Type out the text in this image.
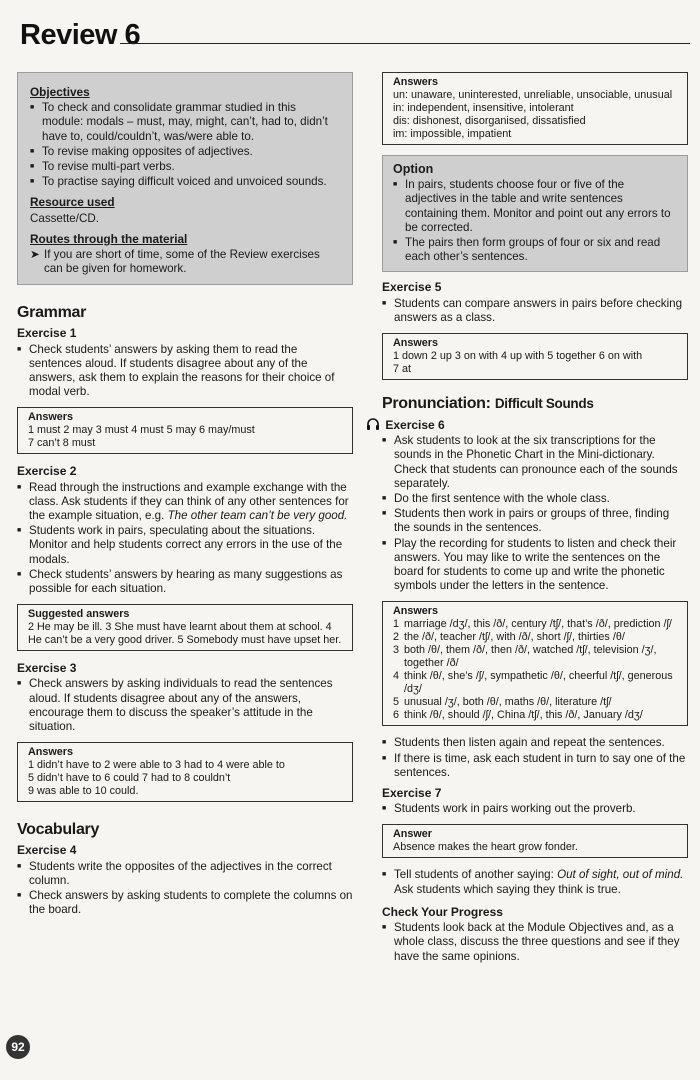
Review 6
Objectives
■ To check and consolidate grammar studied in this module: modals – must, may, might, can’t, had to, didn’t have to, could/couldn’t, was/were able to.
■ To revise making opposites of adjectives.
■ To revise multi-part verbs.
■ To practise saying difficult voiced and unvoiced sounds.
Resource used
Cassette/CD.
Routes through the material
➤ If you are short of time, some of the Review exercises can be given for homework.
Grammar
Exercise 1
■ Check students’ answers by asking them to read the sentences aloud. If students disagree about any of the answers, ask them to explain the reasons for their choice of modal verb.
Answers
1 must 2 may 3 must 4 must 5 may 6 may/must
7 can’t 8 must
Exercise 2
■ Read through the instructions and example exchange with the class. Ask students if they can think of any other sentences for the example situation, e.g. The other team can’t be very good.
■ Students work in pairs, speculating about the situations. Monitor and help students correct any errors in the use of the modals.
■ Check students’ answers by hearing as many suggestions as possible for each situation.
Suggested answers
2 He may be ill. 3 She must have learnt about them at school. 4 He can’t be a very good driver. 5 Somebody must have upset her.
Exercise 3
■ Check answers by asking individuals to read the sentences aloud. If students disagree about any of the answers, encourage them to discuss the speaker’s attitude in the situation.
Answers
1 didn’t have to 2 were able to 3 had to 4 were able to
5 didn’t have to 6 could 7 had to 8 couldn’t
9 was able to 10 could.
Vocabulary
Exercise 4
■ Students write the opposites of the adjectives in the correct column.
■ Check answers by asking students to complete the columns on the board.
Answers
un: unaware, uninterested, unreliable, unsociable, unusual
in: independent, insensitive, intolerant
dis: dishonest, disorganised, dissatisfied
im: impossible, impatient
Option
■ In pairs, students choose four or five of the adjectives in the table and write sentences containing them. Monitor and point out any errors to be corrected.
■ The pairs then form groups of four or six and read each other’s sentences.
Exercise 5
■ Students can compare answers in pairs before checking answers as a class.
Answers
1 down 2 up 3 on with 4 up with 5 together 6 on with
7 at
Pronunciation: Difficult Sounds
Exercise 6
■ Ask students to look at the six transcriptions for the sounds in the Phonetic Chart in the Mini-dictionary. Check that students can pronounce each of the sounds separately.
■ Do the first sentence with the whole class.
■ Students then work in pairs or groups of three, finding the sounds in the sentences.
■ Play the recording for students to listen and check their answers. You may like to write the sentences on the board for students to come up and write the phonetic symbols under the letters in the sentence.
Answers
1 marriage /dʒ/, this /ð/, century /tʃ/, that’s /ð/, prediction /ʃ/
2 the /ð/, teacher /tʃ/, with /ð/, short /ʃ/, thirties /θ/
3 both /θ/, them /ð/, then /ð/, watched /tʃ/, television /ʒ/, together /ð/
4 think /θ/, she’s /ʃ/, sympathetic /θ/, cheerful /tʃ/, generous /dʒ/
5 unusual /ʒ/, both /θ/, maths /θ/, literature /tʃ/
6 think /θ/, should /ʃ/, China /tʃ/, this /ð/, January /dʒ/
■ Students then listen again and repeat the sentences.
■ If there is time, ask each student in turn to say one of the sentences.
Exercise 7
■ Students work in pairs working out the proverb.
Answer
Absence makes the heart grow fonder.
■ Tell students of another saying: Out of sight, out of mind. Ask students which saying they think is true.
Check Your Progress
■ Students look back at the Module Objectives and, as a whole class, discuss the three questions and see if they have the same opinions.
92
